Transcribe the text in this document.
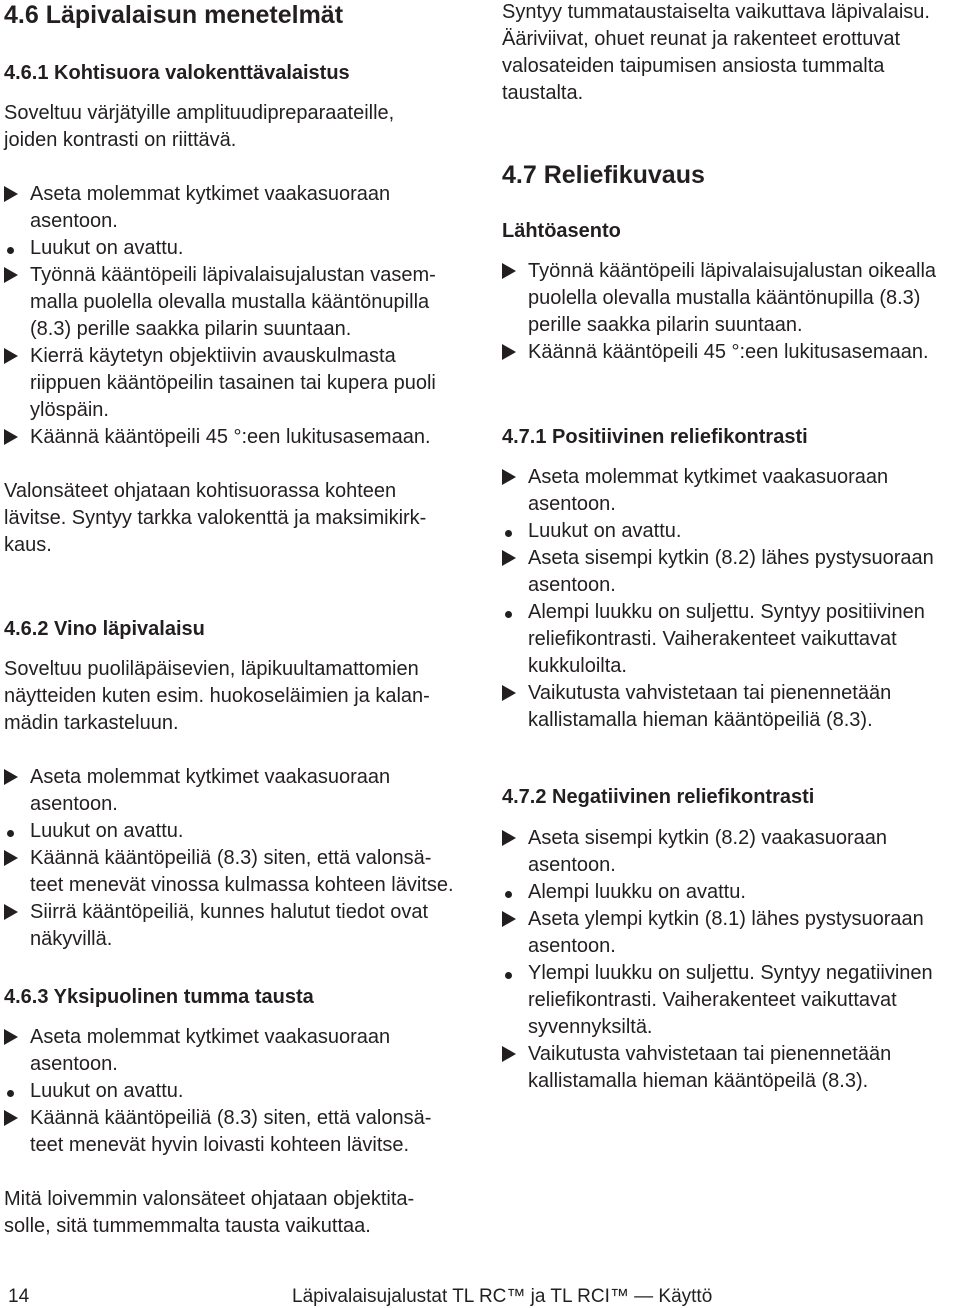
4.6 Läpivalaisun menetelmät
4.6.1 Kohtisuora valokenttävalaistus
Soveltuu värjätyille amplituudipreparaateille,
joiden kontrasti on riittävä.
Aseta molemmat kytkimet vaakasuoraan
asentoon.
Luukut on avattu.
Työnnä kääntöpeili läpivalaisujalustan vasem-
malla puolella olevalla mustalla kääntönupilla
(8.3) perille saakka pilarin suuntaan.
Kierrä käytetyn objektiivin avauskulmasta
riippuen kääntöpeilin tasainen tai kupera puoli
ylöspäin.
Käännä kääntöpeili 45 °:een lukitusasemaan.
Valonsäteet ohjataan kohtisuorassa kohteen
lävitse. Syntyy tarkka valokenttä ja maksimikirk-
kaus.
4.6.2 Vino läpivalaisu
Soveltuu puoliläpäisevien, läpikuultamattomien
näytteiden kuten esim. huokoseläimien ja kalan-
mädin tarkasteluun.
Aseta molemmat kytkimet vaakasuoraan
asentoon.
Luukut on avattu.
Käännä kääntöpeiliä (8.3) siten, että valonsä-
teet menevät vinossa kulmassa kohteen lävitse.
Siirrä kääntöpeiliä, kunnes halutut tiedot ovat
näkyvillä.
4.6.3 Yksipuolinen tumma tausta
Aseta molemmat kytkimet vaakasuoraan
asentoon.
Luukut on avattu.
Käännä kääntöpeiliä (8.3) siten, että valonsä-
teet menevät hyvin loivasti kohteen lävitse.
Mitä loivemmin valonsäteet ohjataan objektita-
solle, sitä tummemmalta tausta vaikuttaa.
Syntyy tummataustaiselta vaikuttava läpivalaisu.
Ääriviivat, ohuet reunat ja rakenteet erottuvat
valosateiden taipumisen ansiosta tummalta
taustalta.
4.7 Reliefikuvaus
Lähtöasento
Työnnä kääntöpeili läpivalaisujalustan oikealla
puolella olevalla mustalla kääntönupilla (8.3)
perille saakka pilarin suuntaan.
Käännä kääntöpeili 45 °:een lukitusasemaan.
4.7.1 Positiivinen reliefikontrasti
Aseta molemmat kytkimet vaakasuoraan
asentoon.
Luukut on avattu.
Aseta sisempi kytkin (8.2) lähes pystysuoraan
asentoon.
Alempi luukku on suljettu. Syntyy positiivinen
reliefikontrasti. Vaiherakenteet vaikuttavat
kukkuloilta.
Vaikutusta vahvistetaan tai pienennetään
kallistamalla hieman kääntöpeiliä (8.3).
4.7.2 Negatiivinen reliefikontrasti
Aseta sisempi kytkin (8.2) vaakasuoraan
asentoon.
Alempi luukku on avattu.
Aseta ylempi kytkin (8.1) lähes pystysuoraan
asentoon.
Ylempi luukku on suljettu. Syntyy negatiivinen
reliefikontrasti. Vaiherakenteet vaikuttavat
syvennyksiltä.
Vaikutusta vahvistetaan tai pienennetään
kallistamalla hieman kääntöpeilä (8.3).
14	Läpivalaisujalustat TL RC™ ja TL RCI™ — Käyttö
